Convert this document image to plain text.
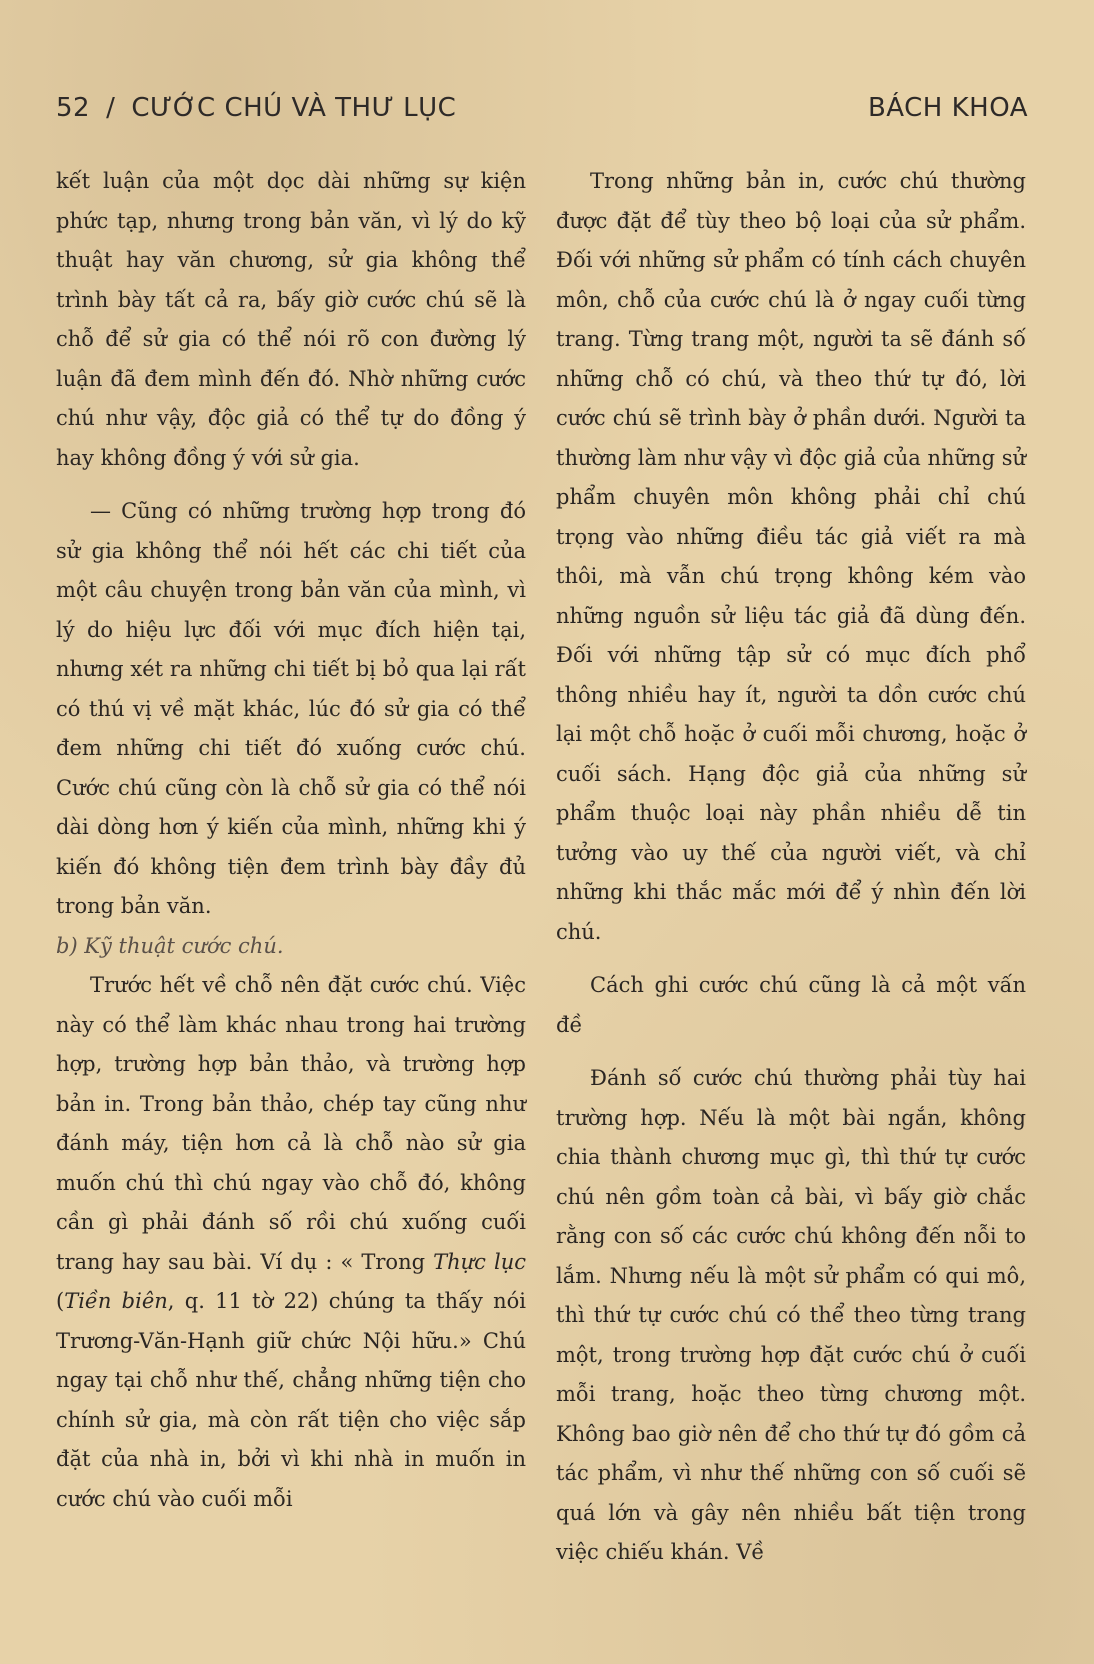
52 / CƯỚC CHÚ VÀ THƯ LỤC	BÁCH KHOA

kết luận của một dọc dài những sự kiện phức tạp, nhưng trong bản văn, vì lý do kỹ thuật hay văn chương, sử gia không thể trình bày tất cả ra, bấy giờ cước chú sẽ là chỗ để sử gia có thể nói rõ con đường lý luận đã đem mình đến đó. Nhờ những cước chú như vậy, độc giả có thể tự do đồng ý hay không đồng ý với sử gia.

— Cũng có những trường hợp trong đó sử gia không thể nói hết các chi tiết của một câu chuyện trong bản văn của mình, vì lý do hiệu lực đối với mục đích hiện tại, nhưng xét ra những chi tiết bị bỏ qua lại rất có thú vị về mặt khác, lúc đó sử gia có thể đem những chi tiết đó xuống cước chú. Cước chú cũng còn là chỗ sử gia có thể nói dài dòng hơn ý kiến của mình, những khi ý kiến đó không tiện đem trình bày đầy đủ trong bản văn.

b) Kỹ thuật cước chú.

Trước hết về chỗ nên đặt cước chú. Việc này có thể làm khác nhau trong hai trường hợp, trường hợp bản thảo, và trường hợp bản in. Trong bản thảo, chép tay cũng như đánh máy, tiện hơn cả là chỗ nào sử gia muốn chú thì chú ngay vào chỗ đó, không cần gì phải đánh số rồi chú xuống cuối trang hay sau bài. Ví dụ : « Trong Thực lục (Tiền biên, q. 11 tờ 22) chúng ta thấy nói Trương-Văn-Hạnh giữ chức Nội hữu.» Chú ngay tại chỗ như thế, chẳng những tiện cho chính sử gia, mà còn rất tiện cho việc sắp đặt của nhà in, bởi vì khi nhà in muốn in cước chú vào cuối mỗi

Trong những bản in, cước chú thường được đặt để tùy theo bộ loại của sử phẩm. Đối với những sử phẩm có tính cách chuyên môn, chỗ của cước chú là ở ngay cuối từng trang. Từng trang một, người ta sẽ đánh số những chỗ có chú, và theo thứ tự đó, lời cước chú sẽ trình bày ở phần dưới. Người ta thường làm như vậy vì độc giả của những sử phẩm chuyên môn không phải chỉ chú trọng vào những điều tác giả viết ra mà thôi, mà vẫn chú trọng không kém vào những nguồn sử liệu tác giả đã dùng đến. Đối với những tập sử có mục đích phổ thông nhiều hay ít, người ta dồn cước chú lại một chỗ hoặc ở cuối mỗi chương, hoặc ở cuối sách. Hạng độc giả của những sử phẩm thuộc loại này phần nhiều dễ tin tưởng vào uy thế của người viết, và chỉ những khi thắc mắc mới để ý nhìn đến lời chú.

Cách ghi cước chú cũng là cả một vấn đề

Đánh số cước chú thường phải tùy hai trường hợp. Nếu là một bài ngắn, không chia thành chương mục gì, thì thứ tự cước chú nên gồm toàn cả bài, vì bấy giờ chắc rằng con số các cước chú không đến nỗi to lắm. Nhưng nếu là một sử phẩm có qui mô, thì thứ tự cước chú có thể theo từng trang một, trong trường hợp đặt cước chú ở cuối mỗi trang, hoặc theo từng chương một. Không bao giờ nên để cho thứ tự đó gồm cả tác phẩm, vì như thế những con số cuối sẽ quá lớn và gây nên nhiều bất tiện trong việc chiếu khán. Về
